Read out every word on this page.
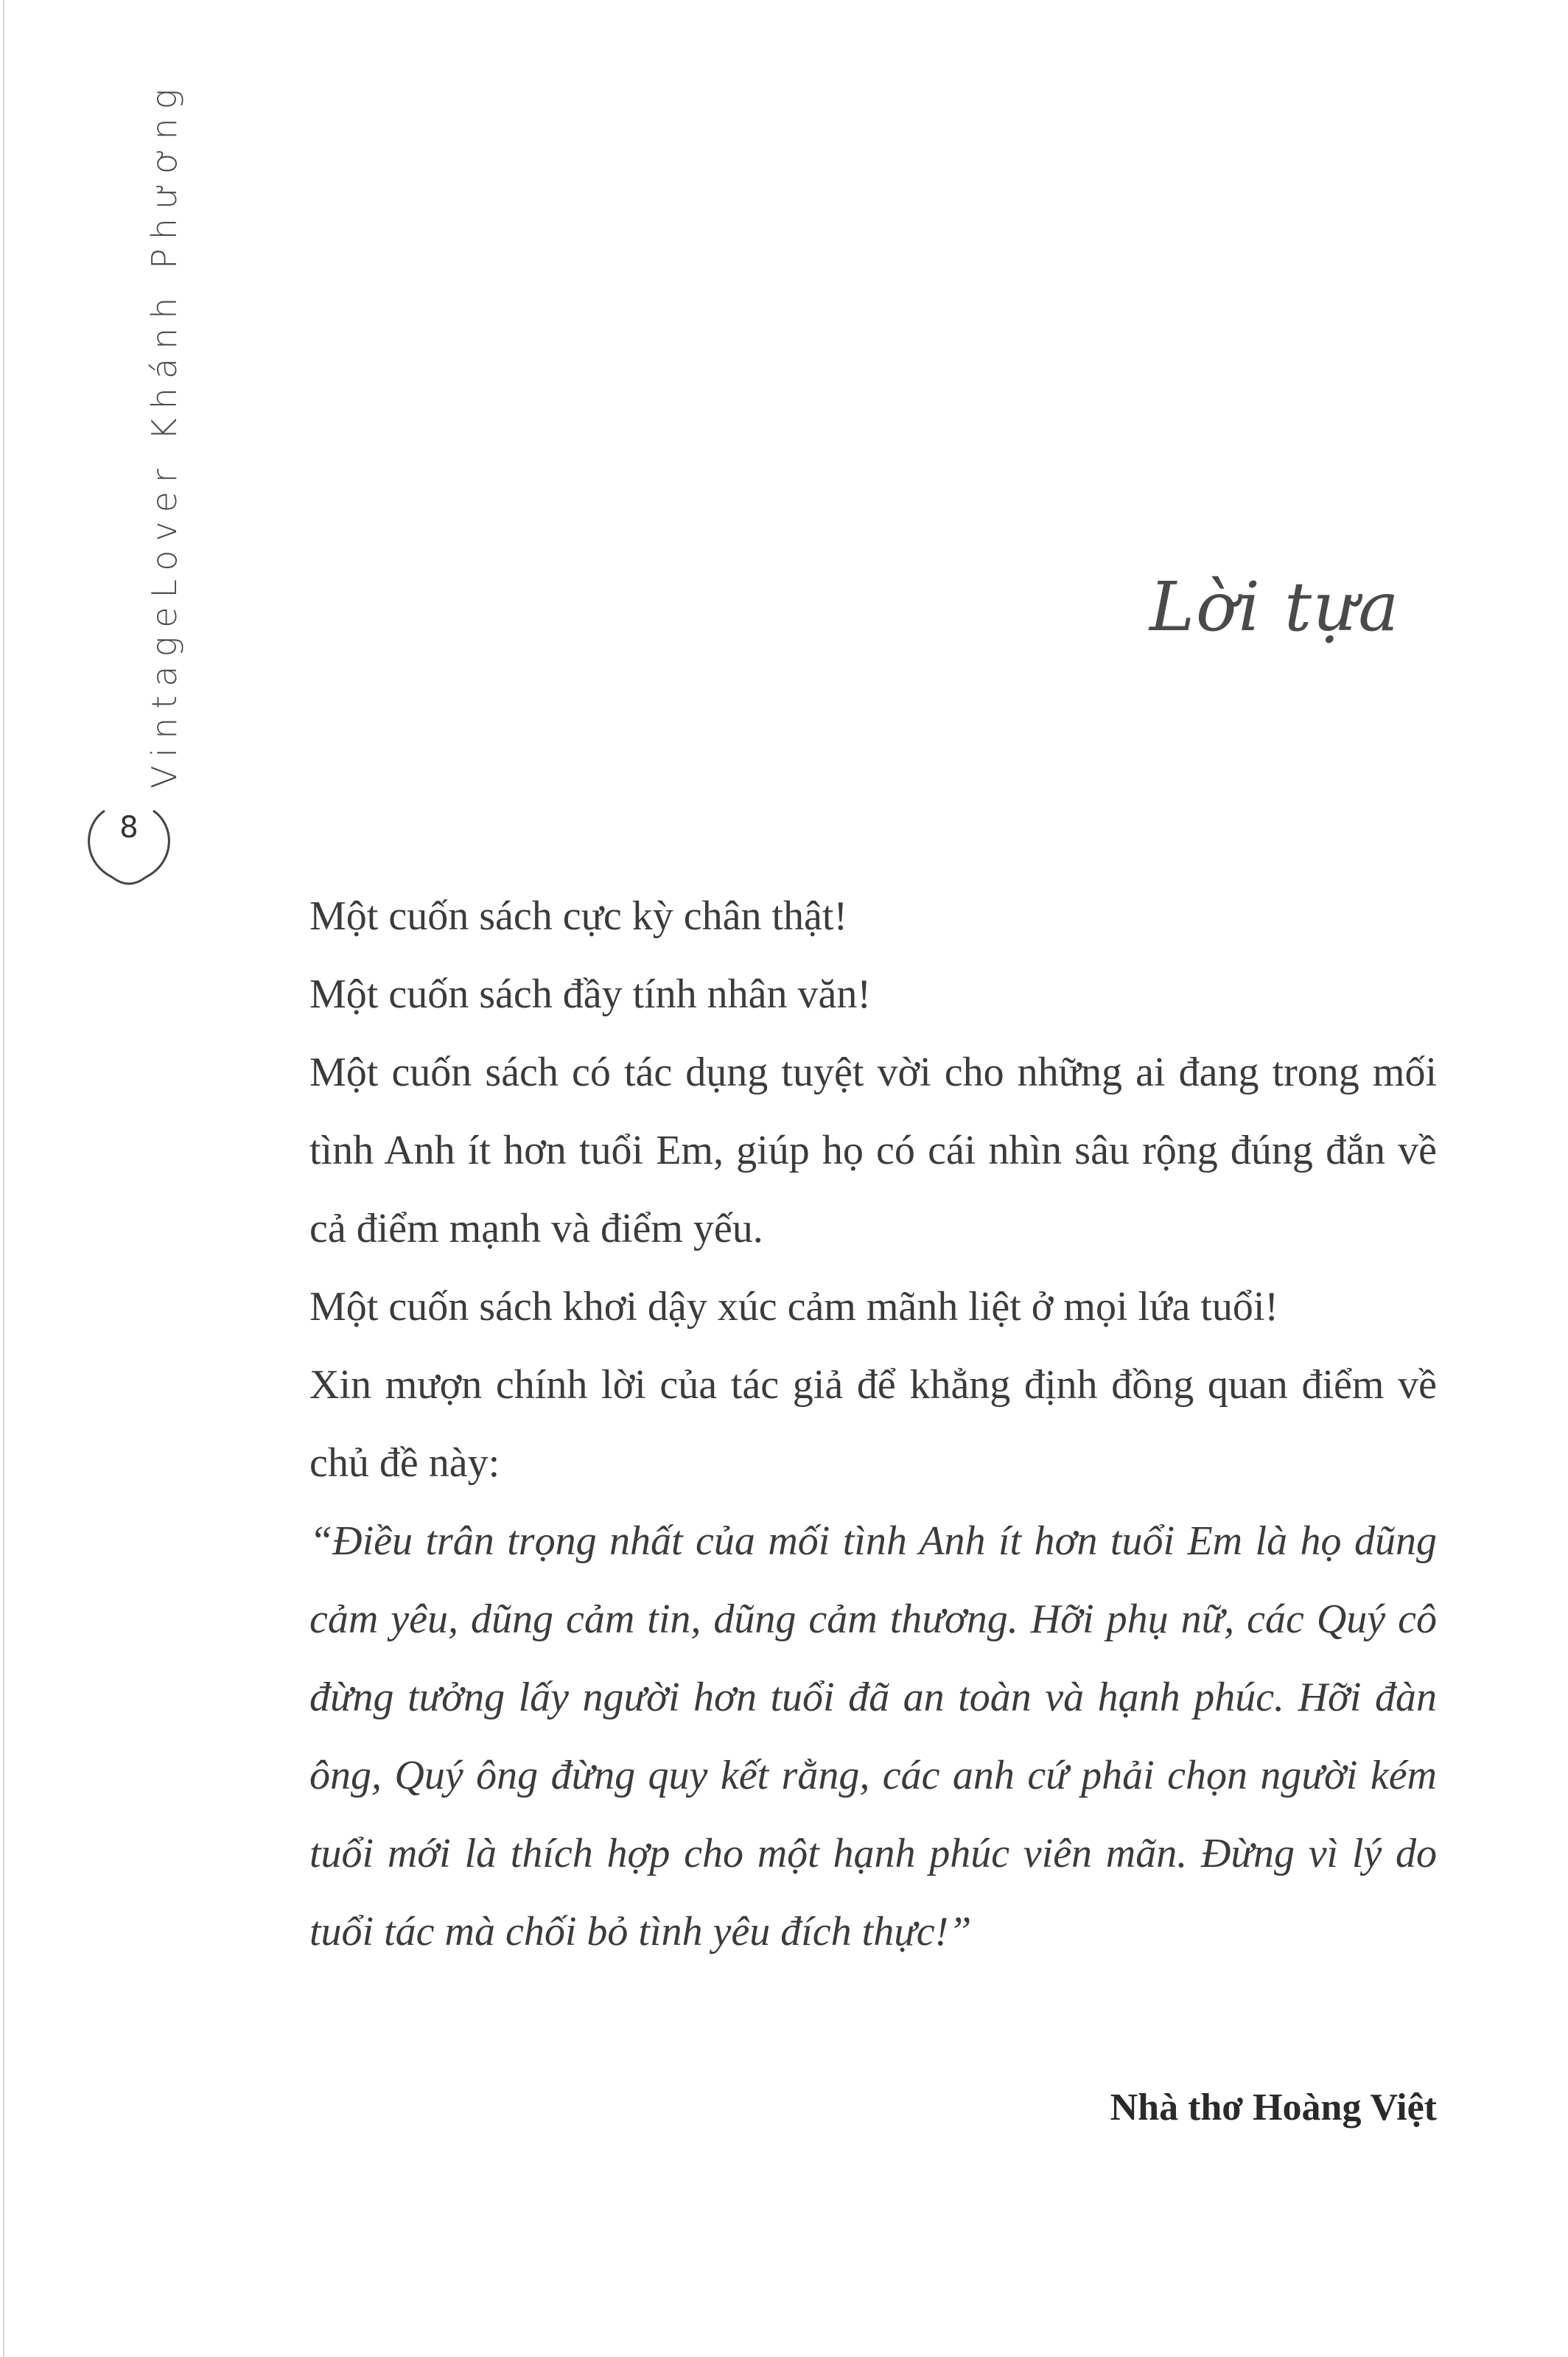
VintageLover Khánh Phương
8
Lời tựa

Một cuốn sách cực kỳ chân thật!

Một cuốn sách đầy tính nhân văn!

Một cuốn sách có tác dụng tuyệt vời cho những ai đang trong mối tình Anh ít hơn tuổi Em, giúp họ có cái nhìn sâu rộng đúng đắn về cả điểm mạnh và điểm yếu.

Một cuốn sách khơi dậy xúc cảm mãnh liệt ở mọi lứa tuổi!

Xin mượn chính lời của tác giả để khẳng định đồng quan điểm về chủ đề này:

“Điều trân trọng nhất của mối tình Anh ít hơn tuổi Em là họ dũng cảm yêu, dũng cảm tin, dũng cảm thương. Hỡi phụ nữ, các Quý cô đừng tưởng lấy người hơn tuổi đã an toàn và hạnh phúc. Hỡi đàn ông, Quý ông đừng quy kết rằng, các anh cứ phải chọn người kém tuổi mới là thích hợp cho một hạnh phúc viên mãn. Đừng vì lý do tuổi tác mà chối bỏ tình yêu đích thực!”

Nhà thơ Hoàng Việt
